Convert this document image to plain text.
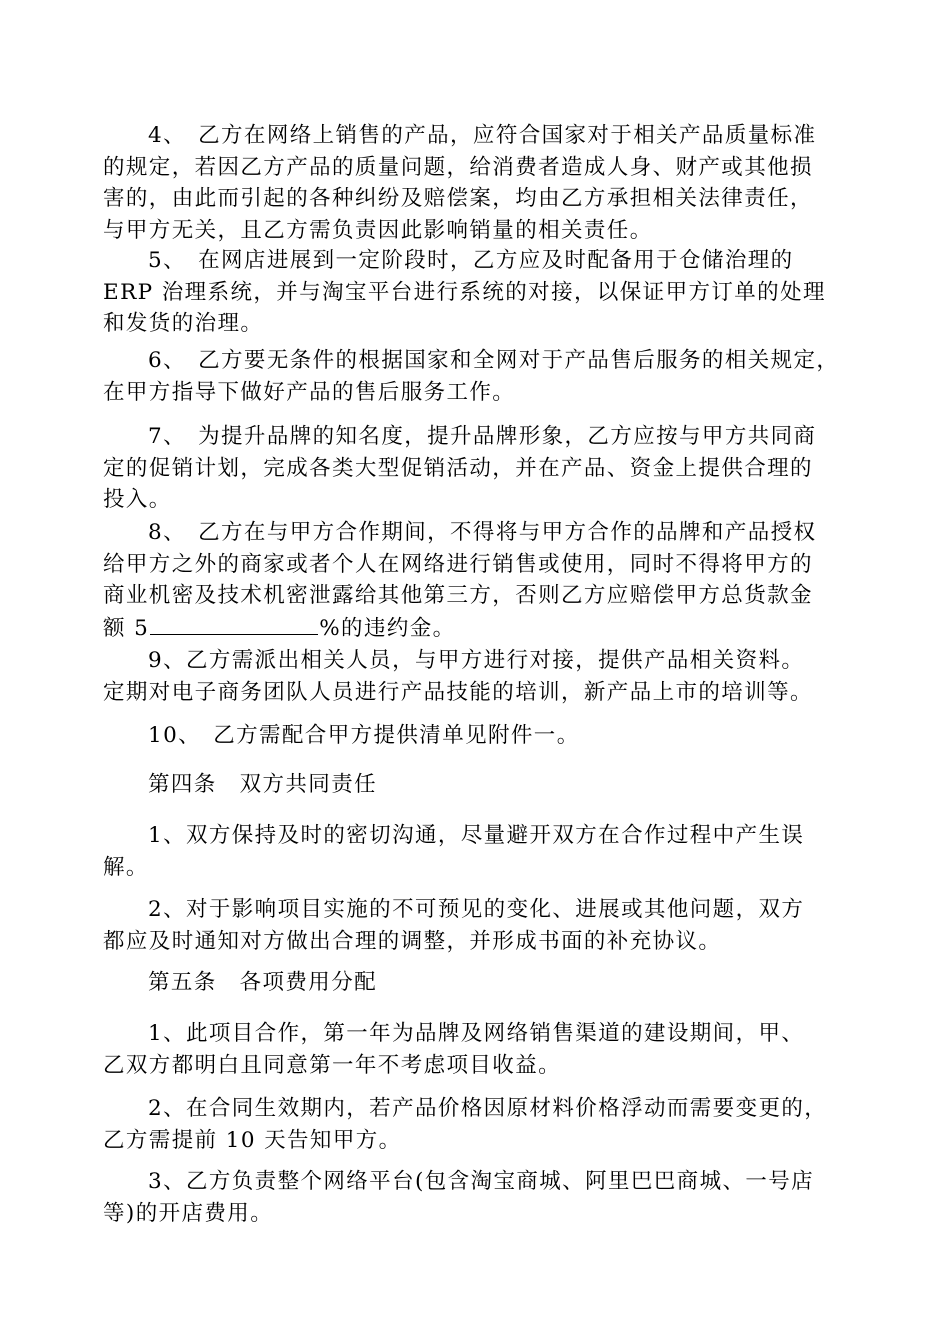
4、　乙方在网络上销售的产品，应符合国家对于相关产品质量标准
的规定，若因乙方产品的质量问题，给消费者造成人身、财产或其他损
害的，由此而引起的各种纠纷及赔偿案，均由乙方承担相关法律责任，
与甲方无关，且乙方需负责因此影响销量的相关责任。
5、　在网店进展到一定阶段时，乙方应及时配备用于仓储治理的
ERP 治理系统，并与淘宝平台进行系统的对接，以保证甲方订单的处理
和发货的治理。
6、　乙方要无条件的根据国家和全网对于产品售后服务的相关规定，
在甲方指导下做好产品的售后服务工作。
7、　为提升品牌的知名度，提升品牌形象，乙方应按与甲方共同商
定的促销计划，完成各类大型促销活动，并在产品、资金上提供合理的
投入。
8、　乙方在与甲方合作期间，不得将与甲方合作的品牌和产品授权
给甲方之外的商家或者个人在网络进行销售或使用，同时不得将甲方的
商业机密及技术机密泄露给其他第三方，否则乙方应赔偿甲方总货款金
额 5	%的违约金。
9、乙方需派出相关人员，与甲方进行对接，提供产品相关资料。
定期对电子商务团队人员进行产品技能的培训，新产品上市的培训等。
10、　乙方需配合甲方提供清单见附件一。
第四条　双方共同责任
1、双方保持及时的密切沟通，尽量避开双方在合作过程中产生误
解。
2、对于影响项目实施的不可预见的变化、进展或其他问题，双方
都应及时通知对方做出合理的调整，并形成书面的补充协议。
第五条　各项费用分配
1、此项目合作，第一年为品牌及网络销售渠道的建设期间，甲、
乙双方都明白且同意第一年不考虑项目收益。
2、在合同生效期内，若产品价格因原材料价格浮动而需要变更的，
乙方需提前 10 天告知甲方。
3、乙方负责整个网络平台(包含淘宝商城、阿里巴巴商城、一号店
等)的开店费用。
